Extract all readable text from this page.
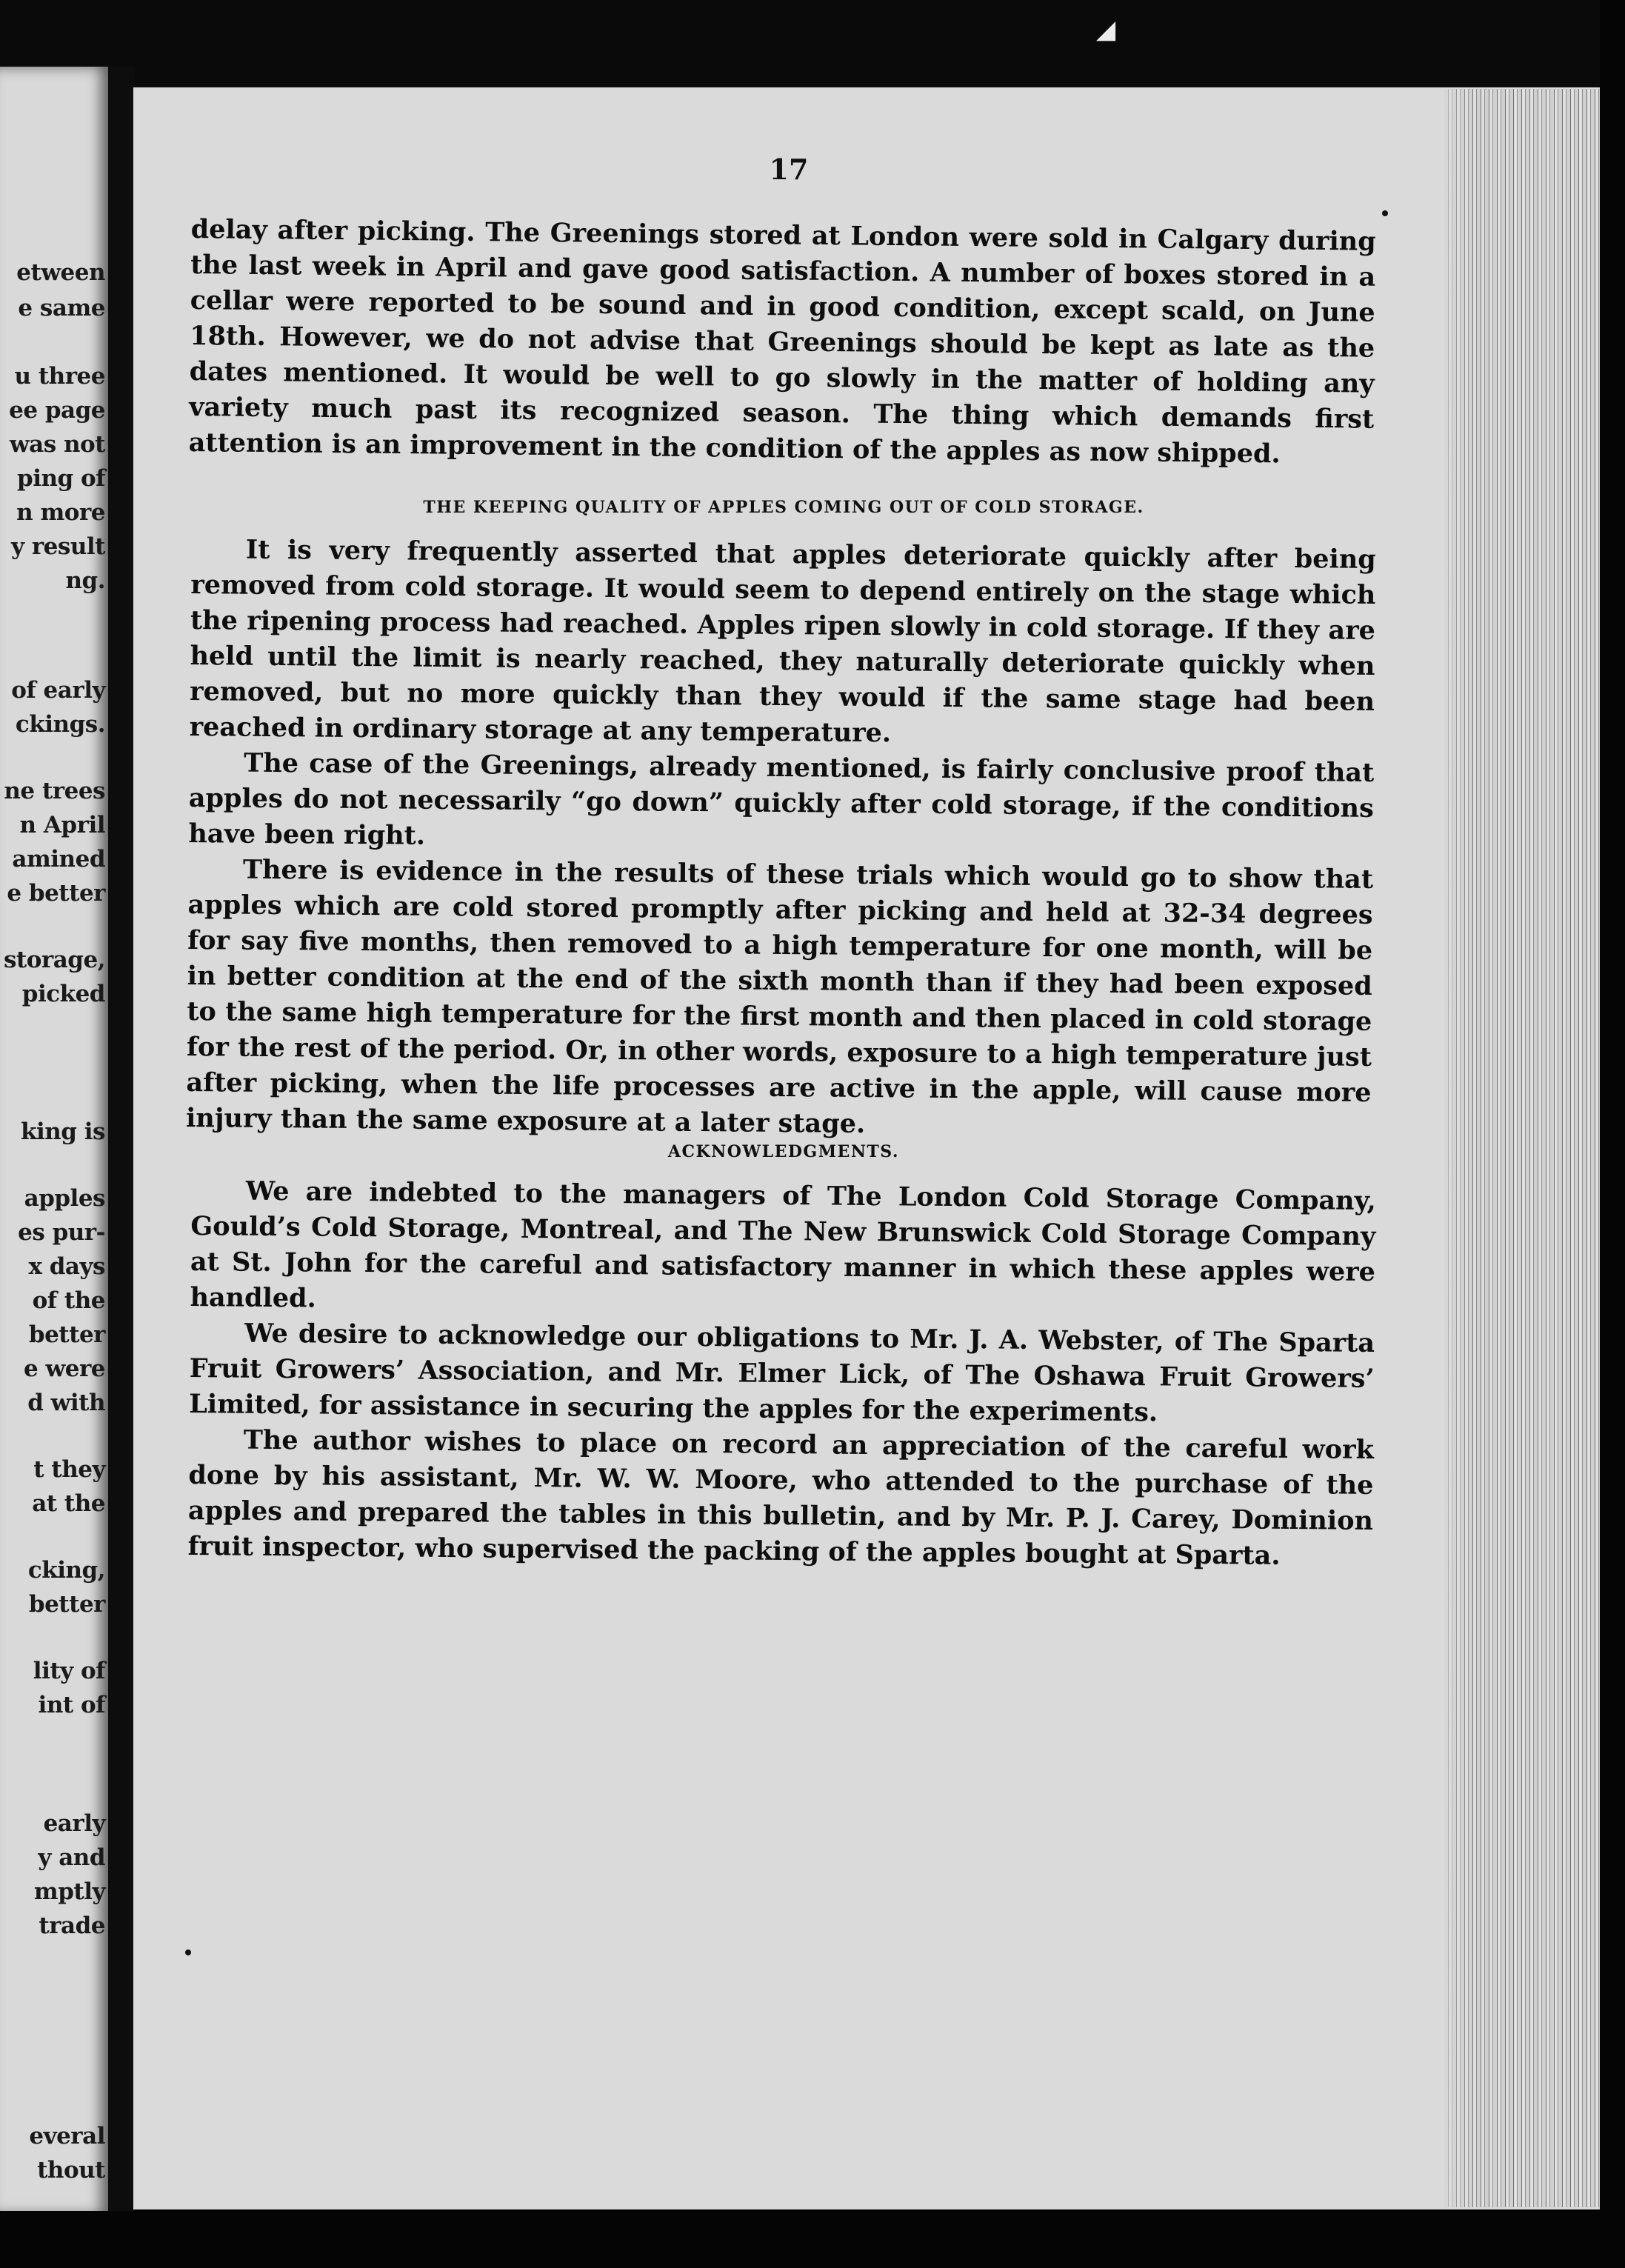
etween
e same
u three
ee page
was not
ping of
n more
y result
ng.
of early
ckings.
ne trees
n April
amined
e better
storage,
picked
king is
apples
es pur-
x days
of the
better
e were
d with
t they
at the
cking,
better
lity of
int of
early
y and
mptly
trade
everal
thout
◢
17

delay after picking. The Greenings stored at London were sold in Calgary during the last week in April and gave good satisfaction. A number of boxes stored in a cellar were reported to be sound and in good condition, except scald, on June 18th. However, we do not advise that Greenings should be kept as late as the dates mentioned. It would be well to go slowly in the matter of holding any variety much past its recognized season. The thing which demands first attention is an improvement in the condition of the apples as now shipped.

THE KEEPING QUALITY OF APPLES COMING OUT OF COLD STORAGE.

It is very frequently asserted that apples deteriorate quickly after being removed from cold storage. It would seem to depend entirely on the stage which the ripening process had reached. Apples ripen slowly in cold storage. If they are held until the limit is nearly reached, they naturally deteriorate quickly when removed, but no more quickly than they would if the same stage had been reached in ordinary storage at any temperature.

The case of the Greenings, already mentioned, is fairly conclusive proof that apples do not necessarily “go down” quickly after cold storage, if the conditions have been right.

There is evidence in the results of these trials which would go to show that apples which are cold stored promptly after picking and held at 32-34 degrees for say five months, then removed to a high temperature for one month, will be in better condition at the end of the sixth month than if they had been exposed to the same high temperature for the first month and then placed in cold storage for the rest of the period. Or, in other words, exposure to a high temperature just after picking, when the life processes are active in the apple, will cause more injury than the same exposure at a later stage.

ACKNOWLEDGMENTS.

We are indebted to the managers of The London Cold Storage Company, Gould’s Cold Storage, Montreal, and The New Brunswick Cold Storage Company at St. John for the careful and satisfactory manner in which these apples were handled.

We desire to acknowledge our obligations to Mr. J. A. Webster, of The Sparta Fruit Growers’ Association, and Mr. Elmer Lick, of The Oshawa Fruit Growers’ Limited, for assistance in securing the apples for the experiments.

The author wishes to place on record an appreciation of the careful work done by his assistant, Mr. W. W. Moore, who attended to the purchase of the apples and prepared the tables in this bulletin, and by Mr. P. J. Carey, Dominion fruit inspector, who supervised the packing of the apples bought at Sparta.
